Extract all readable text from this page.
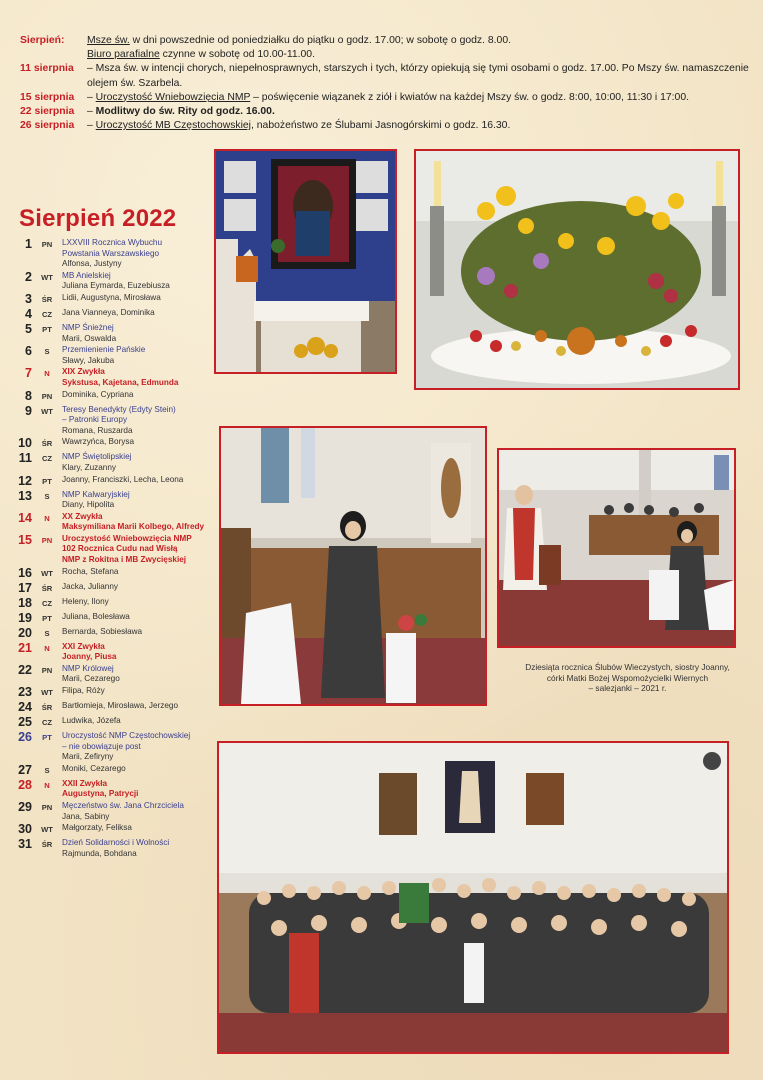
Sierpień:	Msze św. w dni powszednie od poniedziałku do piątku o godz. 17.00; w sobotę o godz. 8.00.
Biuro parafialne czynne w sobotę od 10.00-11.00.
11 sierpnia	– Msza św. w intencji chorych, niepełnosprawnych, starszych i tych, którzy opiekują się tymi osobami o godz. 17.00. Po Mszy św. namaszczenie olejem św. Szarbela.
15 sierpnia	– Uroczystość Wniebowzięcia NMP – poświęcenie wiązanek z ziół i kwiatów na każdej Mszy św. o godz. 8:00, 10:00, 11:30 i 17:00.
22 sierpnia	– Modlitwy do św. Rity od godz. 16.00.
26 sierpnia	– Uroczystość MB Częstochowskiej, nabożeństwo ze Ślubami Jasnogórskimi o godz. 16.30.
Sierpień 2022
1	PN	LXXVIII Rocznica Wybuchu
Powstania Warszawskiego
Alfonsa, Justyny
2	WT	MB Anielskiej
Juliana Eymarda, Euzebiusza
3	ŚR	Lidii, Augustyna, Mirosława
4	CZ	Jana Vianneya, Dominika
5	PT	NMP Śnieżnej
Marii, Oswalda
6	S	Przemienienie Pańskie
Sławy, Jakuba
7	N	XIX Zwykła
Sykstusa, Kajetana, Edmunda
8	PN	Dominika, Cypriana
9	WT	Teresy Benedykty (Edyty Stein)
– Patronki Europy
Romana, Ruszarda
10	ŚR	Wawrzyńca, Borysa
11	CZ	NMP Świętolipskiej
Klary, Zuzanny
12	PT	Joanny, Franciszki, Lecha, Leona
13	S	NMP Kalwaryjskiej
Diany, Hipolita
14	N	XX Zwykła
Maksymiliana Marii Kolbego, Alfredy
15	PN	Uroczystość Wniebowzięcia NMP
102 Rocznica Cudu nad Wisłą
NMP z Rokitna i MB Zwycięskiej
16	WT	Rocha, Stefana
17	ŚR	Jacka, Julianny
18	CZ	Heleny, Ilony
19	PT	Juliana, Bolesława
20	S	Bernarda, Sobiesława
21	N	XXI Zwykła
Joanny, Piusa
22	PN	NMP Królowej
Marii, Cezarego
23	WT	Filipa, Róży
24	ŚR	Bartłomieja, Mirosława, Jerzego
25	CZ	Ludwika, Józefa
26	PT	Uroczystość NMP Częstochowskiej
– nie obowiązuje post
Marii, Zefiryny
27	S	Moniki, Cezarego
28	N	XXII Zwykła
Augustyna, Patrycji
29	PN	Męczeństwo św. Jana Chrzciciela
Jana, Sabiny
30	WT	Małgorzaty, Feliksa
31	ŚR	Dzień Solidarności i Wolności
Rajmunda, Bohdana
Dziesiąta rocznica Ślubów Wieczystych, siostry Joanny,
córki Matki Bożej Wspomożycielki Wiernych
– salezjanki – 2021 r.
